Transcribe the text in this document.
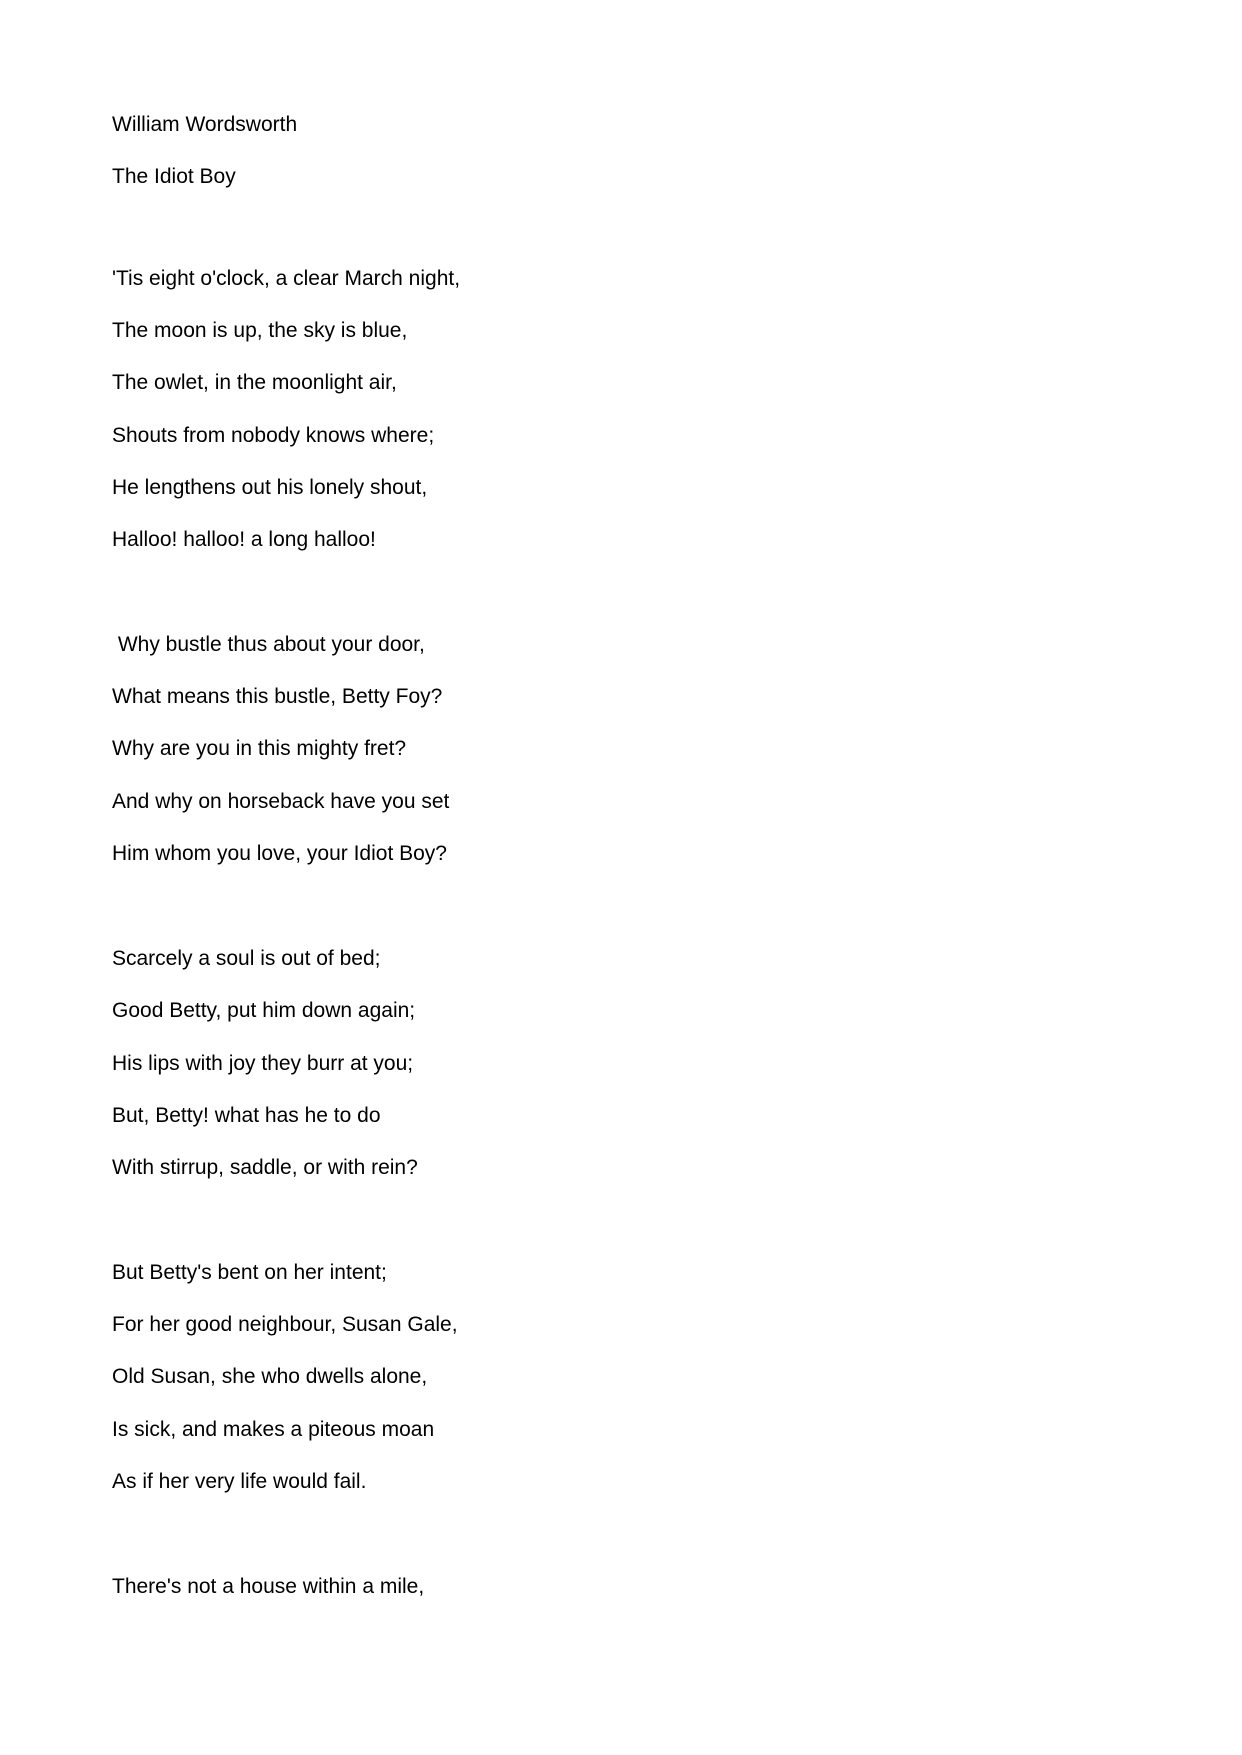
William Wordsworth

The Idiot Boy

'Tis eight o'clock, a clear March night,

The moon is up, the sky is blue,

The owlet, in the moonlight air,

Shouts from nobody knows where;

He lengthens out his lonely shout,

Halloo! halloo! a long halloo!

Why bustle thus about your door,

What means this bustle, Betty Foy?

Why are you in this mighty fret?

And why on horseback have you set

Him whom you love, your Idiot Boy?

Scarcely a soul is out of bed;

Good Betty, put him down again;

His lips with joy they burr at you;

But, Betty! what has he to do

With stirrup, saddle, or with rein?

But Betty's bent on her intent;

For her good neighbour, Susan Gale,

Old Susan, she who dwells alone,

Is sick, and makes a piteous moan

As if her very life would fail.

There's not a house within a mile,
